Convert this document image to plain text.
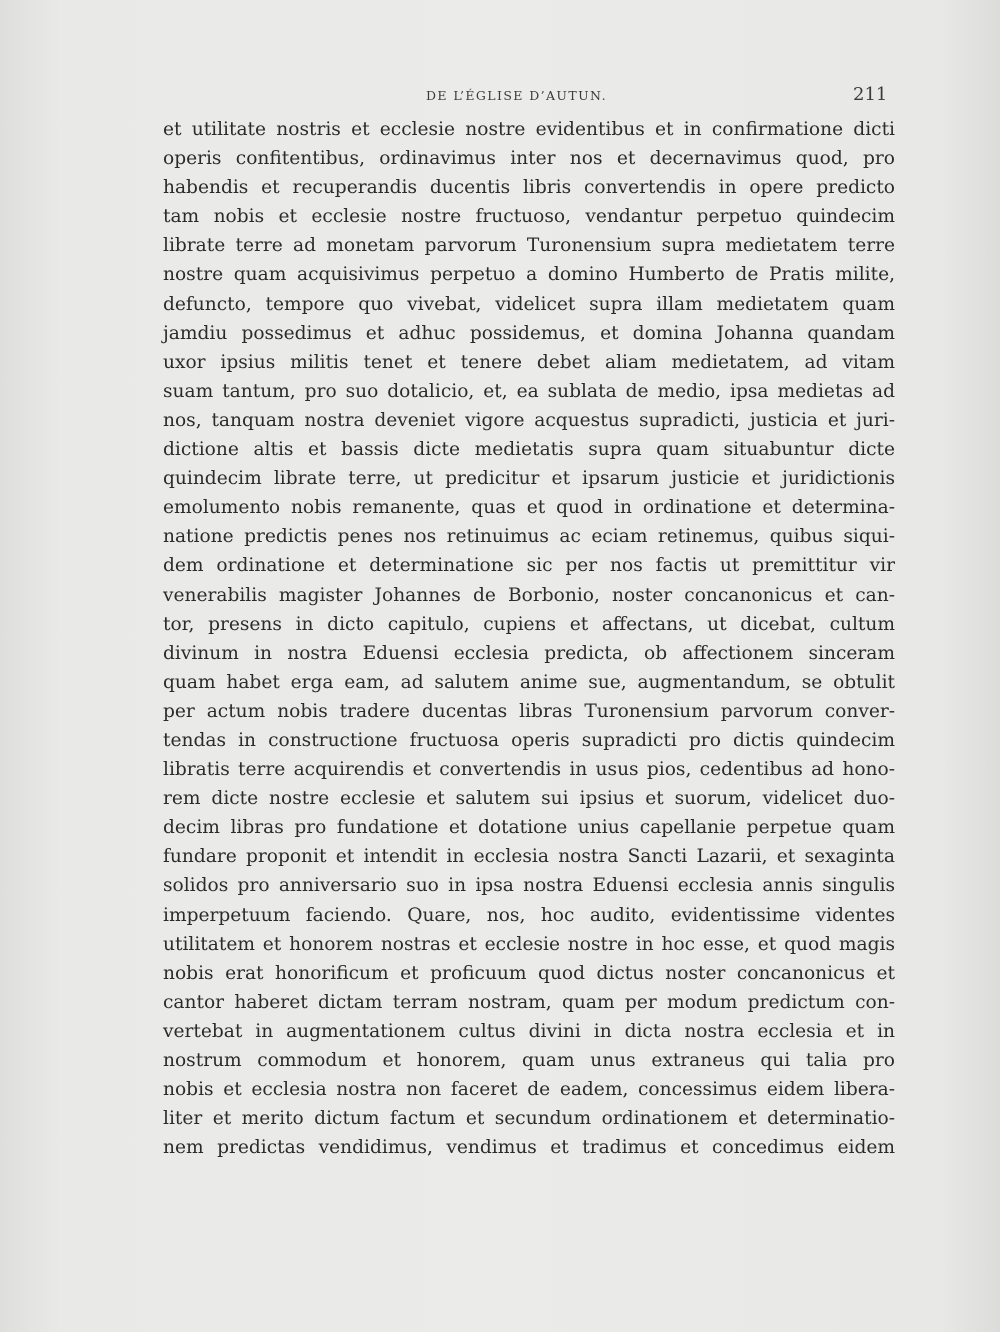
DE L’ÉGLISE D’AUTUN.	211
et utilitate nostris et ecclesie nostre evidentibus et in confirmatione dicti
operis confitentibus, ordinavimus inter nos et decernavimus quod, pro
habendis et recuperandis ducentis libris convertendis in opere predicto
tam nobis et ecclesie nostre fructuoso, vendantur perpetuo quindecim
librate terre ad monetam parvorum Turonensium supra medietatem terre
nostre quam acquisivimus perpetuo a domino Humberto de Pratis milite,
defuncto, tempore quo vivebat, videlicet supra illam medietatem quam
jamdiu possedimus et adhuc possidemus, et domina Johanna quandam
uxor ipsius militis tenet et tenere debet aliam medietatem, ad vitam
suam tantum, pro suo dotalicio, et, ea sublata de medio, ipsa medietas ad
nos, tanquam nostra deveniet vigore acquestus supradicti, justicia et juri-
dictione altis et bassis dicte medietatis supra quam situabuntur dicte
quindecim librate terre, ut predicitur et ipsarum justicie et juridictionis
emolumento nobis remanente, quas et quod in ordinatione et determina-
natione predictis penes nos retinuimus ac eciam retinemus, quibus siqui-
dem ordinatione et determinatione sic per nos factis ut premittitur vir
venerabilis magister Johannes de Borbonio, noster concanonicus et can-
tor, presens in dicto capitulo, cupiens et affectans, ut dicebat, cultum
divinum in nostra Eduensi ecclesia predicta, ob affectionem sinceram
quam habet erga eam, ad salutem anime sue, augmentandum, se obtulit
per actum nobis tradere ducentas libras Turonensium parvorum conver-
tendas in constructione fructuosa operis supradicti pro dictis quindecim
libratis terre acquirendis et convertendis in usus pios, cedentibus ad hono-
rem dicte nostre ecclesie et salutem sui ipsius et suorum, videlicet duo-
decim libras pro fundatione et dotatione unius capellanie perpetue quam
fundare proponit et intendit in ecclesia nostra Sancti Lazarii, et sexaginta
solidos pro anniversario suo in ipsa nostra Eduensi ecclesia annis singulis
imperpetuum faciendo. Quare, nos, hoc audito, evidentissime videntes
utilitatem et honorem nostras et ecclesie nostre in hoc esse, et quod magis
nobis erat honorificum et proficuum quod dictus noster concanonicus et
cantor haberet dictam terram nostram, quam per modum predictum con-
vertebat in augmentationem cultus divini in dicta nostra ecclesia et in
nostrum commodum et honorem, quam unus extraneus qui talia pro
nobis et ecclesia nostra non faceret de eadem, concessimus eidem libera-
liter et merito dictum factum et secundum ordinationem et determinatio-
nem predictas vendidimus, vendimus et tradimus et concedimus eidem
